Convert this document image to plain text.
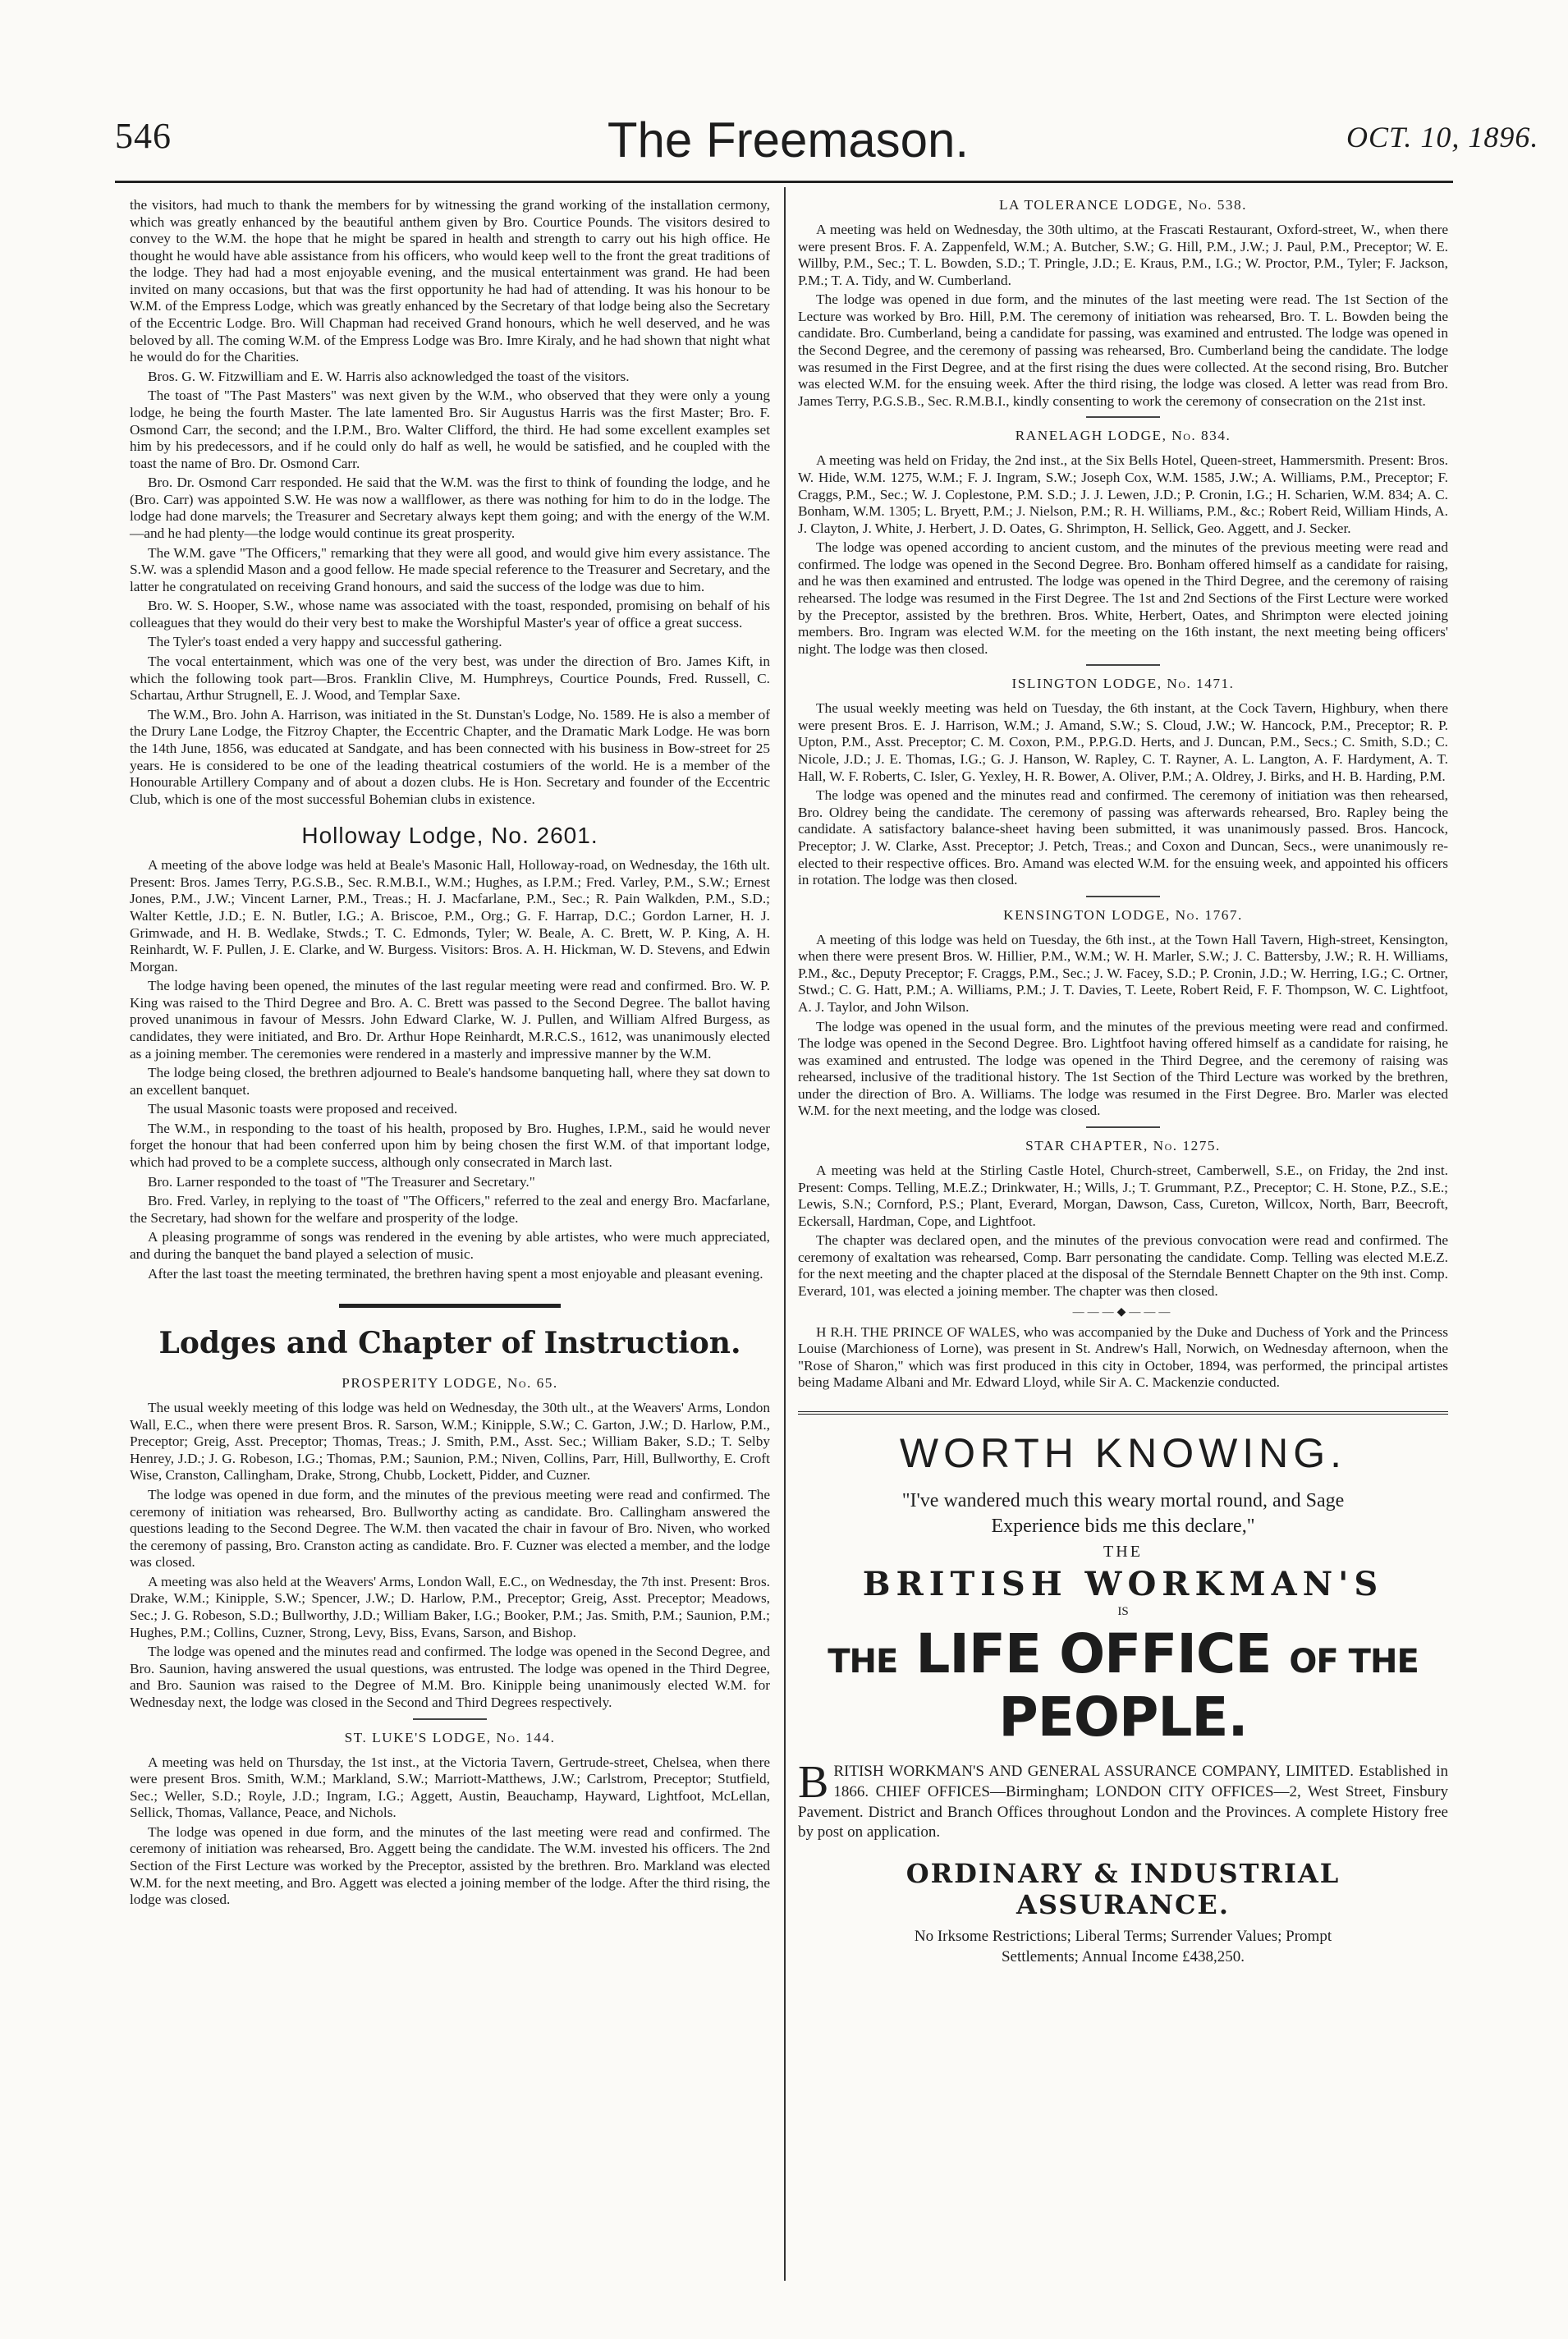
546	The Freemason.	OCT. 10, 1896.

the visitors, had much to thank the members for by witnessing the grand working of the installation cermony, which was greatly enhanced by the beautiful anthem given by Bro. Courtice Pounds. The visitors desired to convey to the W.M. the hope that he might be spared in health and strength to carry out his high office. He thought he would have able assistance from his officers, who would keep well to the front the great traditions of the lodge. They had had a most enjoyable evening, and the musical entertainment was grand. He had been invited on many occasions, but that was the first opportunity he had had of attending. It was his honour to be W.M. of the Empress Lodge, which was greatly enhanced by the Secretary of that lodge being also the Secretary of the Eccentric Lodge. Bro. Will Chapman had received Grand honours, which he well deserved, and he was beloved by all. The coming W.M. of the Empress Lodge was Bro. Imre Kiraly, and he had shown that night what he would do for the Charities.

Bros. G. W. Fitzwilliam and E. W. Harris also acknowledged the toast of the visitors.

The toast of "The Past Masters" was next given by the W.M., who observed that they were only a young lodge, he being the fourth Master. The late lamented Bro. Sir Augustus Harris was the first Master; Bro. F. Osmond Carr, the second; and the I.P.M., Bro. Walter Clifford, the third. He had some excellent examples set him by his predecessors, and if he could only do half as well, he would be satisfied, and he coupled with the toast the name of Bro. Dr. Osmond Carr.

Bro. Dr. Osmond Carr responded. He said that the W.M. was the first to think of founding the lodge, and he (Bro. Carr) was appointed S.W. He was now a wallflower, as there was nothing for him to do in the lodge. The lodge had done marvels; the Treasurer and Secretary always kept them going; and with the energy of the W.M.—and he had plenty—the lodge would continue its great prosperity.

The W.M. gave "The Officers," remarking that they were all good, and would give him every assistance. The S.W. was a splendid Mason and a good fellow. He made special reference to the Treasurer and Secretary, and the latter he congratulated on receiving Grand honours, and said the success of the lodge was due to him.

Bro. W. S. Hooper, S.W., whose name was associated with the toast, responded, promising on behalf of his colleagues that they would do their very best to make the Worshipful Master's year of office a great success.

The Tyler's toast ended a very happy and successful gathering.

The vocal entertainment, which was one of the very best, was under the direction of Bro. James Kift, in which the following took part—Bros. Franklin Clive, M. Humphreys, Courtice Pounds, Fred. Russell, C. Schartau, Arthur Strugnell, E. J. Wood, and Templar Saxe.

The W.M., Bro. John A. Harrison, was initiated in the St. Dunstan's Lodge, No. 1589. He is also a member of the Drury Lane Lodge, the Fitzroy Chapter, the Eccentric Chapter, and the Dramatic Mark Lodge. He was born the 14th June, 1856, was educated at Sandgate, and has been connected with his business in Bow-street for 25 years. He is considered to be one of the leading theatrical costumiers of the world. He is a member of the Honourable Artillery Company and of about a dozen clubs. He is Hon. Secretary and founder of the Eccentric Club, which is one of the most successful Bohemian clubs in existence.

Holloway Lodge, No. 2601.

A meeting of the above lodge was held at Beale's Masonic Hall, Holloway-road, on Wednesday, the 16th ult. Present: Bros. James Terry, P.G.S.B., Sec. R.M.B.I., W.M.; Hughes, as I.P.M.; Fred. Varley, P.M., S.W.; Ernest Jones, P.M., J.W.; Vincent Larner, P.M., Treas.; H. J. Macfarlane, P.M., Sec.; R. Pain Walkden, P.M., S.D.; Walter Kettle, J.D.; E. N. Butler, I.G.; A. Briscoe, P.M., Org.; G. F. Harrap, D.C.; Gordon Larner, H. J. Grimwade, and H. B. Wedlake, Stwds.; T. C. Edmonds, Tyler; W. Beale, A. C. Brett, W. P. King, A. H. Reinhardt, W. F. Pullen, J. E. Clarke, and W. Burgess. Visitors: Bros. A. H. Hickman, W. D. Stevens, and Edwin Morgan.

The lodge having been opened, the minutes of the last regular meeting were read and confirmed. Bro. W. P. King was raised to the Third Degree and Bro. A. C. Brett was passed to the Second Degree. The ballot having proved unanimous in favour of Messrs. John Edward Clarke, W. J. Pullen, and William Alfred Burgess, as candidates, they were initiated, and Bro. Dr. Arthur Hope Reinhardt, M.R.C.S., 1612, was unanimously elected as a joining member. The ceremonies were rendered in a masterly and impressive manner by the W.M.

The lodge being closed, the brethren adjourned to Beale's handsome banqueting hall, where they sat down to an excellent banquet.

The usual Masonic toasts were proposed and received.

The W.M., in responding to the toast of his health, proposed by Bro. Hughes, I.P.M., said he would never forget the honour that had been conferred upon him by being chosen the first W.M. of that important lodge, which had proved to be a complete success, although only consecrated in March last.

Bro. Larner responded to the toast of "The Treasurer and Secretary."

Bro. Fred. Varley, in replying to the toast of "The Officers," referred to the zeal and energy Bro. Macfarlane, the Secretary, had shown for the welfare and prosperity of the lodge.

A pleasing programme of songs was rendered in the evening by able artistes, who were much appreciated, and during the banquet the band played a selection of music.

After the last toast the meeting terminated, the brethren having spent a most enjoyable and pleasant evening.

Lodges and Chapter of Instruction.
PROSPERITY LODGE, No. 65.

The usual weekly meeting of this lodge was held on Wednesday, the 30th ult., at the Weavers' Arms, London Wall, E.C., when there were present Bros. R. Sarson, W.M.; Kinipple, S.W.; C. Garton, J.W.; D. Harlow, P.M., Preceptor; Greig, Asst. Preceptor; Thomas, Treas.; J. Smith, P.M., Asst. Sec.; William Baker, S.D.; T. Selby Henrey, J.D.; J. G. Robeson, I.G.; Thomas, P.M.; Saunion, P.M.; Niven, Collins, Parr, Hill, Bullworthy, E. Croft Wise, Cranston, Callingham, Drake, Strong, Chubb, Lockett, Pidder, and Cuzner.

The lodge was opened in due form, and the minutes of the previous meeting were read and confirmed. The ceremony of initiation was rehearsed, Bro. Bullworthy acting as candidate. Bro. Callingham answered the questions leading to the Second Degree. The W.M. then vacated the chair in favour of Bro. Niven, who worked the ceremony of passing, Bro. Cranston acting as candidate. Bro. F. Cuzner was elected a member, and the lodge was closed.

A meeting was also held at the Weavers' Arms, London Wall, E.C., on Wednesday, the 7th inst. Present: Bros. Drake, W.M.; Kinipple, S.W.; Spencer, J.W.; D. Harlow, P.M., Preceptor; Greig, Asst. Preceptor; Meadows, Sec.; J. G. Robeson, S.D.; Bullworthy, J.D.; William Baker, I.G.; Booker, P.M.; Jas. Smith, P.M.; Saunion, P.M.; Hughes, P.M.; Collins, Cuzner, Strong, Levy, Biss, Evans, Sarson, and Bishop.

The lodge was opened and the minutes read and confirmed. The lodge was opened in the Second Degree, and Bro. Saunion, having answered the usual questions, was entrusted. The lodge was opened in the Third Degree, and Bro. Saunion was raised to the Degree of M.M. Bro. Kinipple being unanimously elected W.M. for Wednesday next, the lodge was closed in the Second and Third Degrees respectively.

ST. LUKE'S LODGE, No. 144.

A meeting was held on Thursday, the 1st inst., at the Victoria Tavern, Gertrude-street, Chelsea, when there were present Bros. Smith, W.M.; Markland, S.W.; Marriott-Matthews, J.W.; Carlstrom, Preceptor; Stutfield, Sec.; Weller, S.D.; Royle, J.D.; Ingram, I.G.; Aggett, Austin, Beauchamp, Hayward, Lightfoot, McLellan, Sellick, Thomas, Vallance, Peace, and Nichols.

The lodge was opened in due form, and the minutes of the last meeting were read and confirmed. The ceremony of initiation was rehearsed, Bro. Aggett being the candidate. The W.M. invested his officers. The 2nd Section of the First Lecture was worked by the Preceptor, assisted by the brethren. Bro. Markland was elected W.M. for the next meeting, and Bro. Aggett was elected a joining member of the lodge. After the third rising, the lodge was closed.

LA TOLERANCE LODGE, No. 538.

A meeting was held on Wednesday, the 30th ultimo, at the Frascati Restaurant, Oxford-street, W., when there were present Bros. F. A. Zappenfeld, W.M.; A. Butcher, S.W.; G. Hill, P.M., J.W.; J. Paul, P.M., Preceptor; W. E. Willby, P.M., Sec.; T. L. Bowden, S.D.; T. Pringle, J.D.; E. Kraus, P.M., I.G.; W. Proctor, P.M., Tyler; F. Jackson, P.M.; T. A. Tidy, and W. Cumberland.

The lodge was opened in due form, and the minutes of the last meeting were read. The 1st Section of the Lecture was worked by Bro. Hill, P.M. The ceremony of initiation was rehearsed, Bro. T. L. Bowden being the candidate. Bro. Cumberland, being a candidate for passing, was examined and entrusted. The lodge was opened in the Second Degree, and the ceremony of passing was rehearsed, Bro. Cumberland being the candidate. The lodge was resumed in the First Degree, and at the first rising the dues were collected. At the second rising, Bro. Butcher was elected W.M. for the ensuing week. After the third rising, the lodge was closed. A letter was read from Bro. James Terry, P.G.S.B., Sec. R.M.B.I., kindly consenting to work the ceremony of consecration on the 21st inst.

RANELAGH LODGE, No. 834.

A meeting was held on Friday, the 2nd inst., at the Six Bells Hotel, Queen-street, Hammersmith. Present: Bros. W. Hide, W.M. 1275, W.M.; F. J. Ingram, S.W.; Joseph Cox, W.M. 1585, J.W.; A. Williams, P.M., Preceptor; F. Craggs, P.M., Sec.; W. J. Coplestone, P.M. S.D.; J. J. Lewen, J.D.; P. Cronin, I.G.; H. Scharien, W.M. 834; A. C. Bonham, W.M. 1305; L. Bryett, P.M.; J. Nielson, P.M.; R. H. Williams, P.M., &c.; Robert Reid, William Hinds, A. J. Clayton, J. White, J. Herbert, J. D. Oates, G. Shrimpton, H. Sellick, Geo. Aggett, and J. Secker.

The lodge was opened according to ancient custom, and the minutes of the previous meeting were read and confirmed. The lodge was opened in the Second Degree. Bro. Bonham offered himself as a candidate for raising, and he was then examined and entrusted. The lodge was opened in the Third Degree, and the ceremony of raising rehearsed. The lodge was resumed in the First Degree. The 1st and 2nd Sections of the First Lecture were worked by the Preceptor, assisted by the brethren. Bros. White, Herbert, Oates, and Shrimpton were elected joining members. Bro. Ingram was elected W.M. for the meeting on the 16th instant, the next meeting being officers' night. The lodge was then closed.

ISLINGTON LODGE, No. 1471.

The usual weekly meeting was held on Tuesday, the 6th instant, at the Cock Tavern, Highbury, when there were present Bros. E. J. Harrison, W.M.; J. Amand, S.W.; S. Cloud, J.W.; W. Hancock, P.M., Preceptor; R. P. Upton, P.M., Asst. Preceptor; C. M. Coxon, P.M., P.P.G.D. Herts, and J. Duncan, P.M., Secs.; C. Smith, S.D.; C. Nicole, J.D.; J. E. Thomas, I.G.; G. J. Hanson, W. Rapley, C. T. Rayner, A. L. Langton, A. F. Hardyment, A. T. Hall, W. F. Roberts, C. Isler, G. Yexley, H. R. Bower, A. Oliver, P.M.; A. Oldrey, J. Birks, and H. B. Harding, P.M.

The lodge was opened and the minutes read and confirmed. The ceremony of initiation was then rehearsed, Bro. Oldrey being the candidate. The ceremony of passing was afterwards rehearsed, Bro. Rapley being the candidate. A satisfactory balance-sheet having been submitted, it was unanimously passed. Bros. Hancock, Preceptor; J. W. Clarke, Asst. Preceptor; J. Petch, Treas.; and Coxon and Duncan, Secs., were unanimously re-elected to their respective offices. Bro. Amand was elected W.M. for the ensuing week, and appointed his officers in rotation. The lodge was then closed.

KENSINGTON LODGE, No. 1767.

A meeting of this lodge was held on Tuesday, the 6th inst., at the Town Hall Tavern, High-street, Kensington, when there were present Bros. W. Hillier, P.M., W.M.; W. H. Marler, S.W.; J. C. Battersby, J.W.; R. H. Williams, P.M., &c., Deputy Preceptor; F. Craggs, P.M., Sec.; J. W. Facey, S.D.; P. Cronin, J.D.; W. Herring, I.G.; C. Ortner, Stwd.; C. G. Hatt, P.M.; A. Williams, P.M.; J. T. Davies, T. Leete, Robert Reid, F. F. Thompson, W. C. Lightfoot, A. J. Taylor, and John Wilson.

The lodge was opened in the usual form, and the minutes of the previous meeting were read and confirmed. The lodge was opened in the Second Degree. Bro. Lightfoot having offered himself as a candidate for raising, he was examined and entrusted. The lodge was opened in the Third Degree, and the ceremony of raising was rehearsed, inclusive of the traditional history. The 1st Section of the Third Lecture was worked by the brethren, under the direction of Bro. A. Williams. The lodge was resumed in the First Degree. Bro. Marler was elected W.M. for the next meeting, and the lodge was closed.

STAR CHAPTER, No. 1275.

A meeting was held at the Stirling Castle Hotel, Church-street, Camberwell, S.E., on Friday, the 2nd inst. Present: Comps. Telling, M.E.Z.; Drinkwater, H.; Wills, J.; T. Grummant, P.Z., Preceptor; C. H. Stone, P.Z., S.E.; Lewis, S.N.; Cornford, P.S.; Plant, Everard, Morgan, Dawson, Cass, Cureton, Willcox, North, Barr, Beecroft, Eckersall, Hardman, Cope, and Lightfoot.

The chapter was declared open, and the minutes of the previous convocation were read and confirmed. The ceremony of exaltation was rehearsed, Comp. Barr personating the candidate. Comp. Telling was elected M.E.Z. for the next meeting and the chapter placed at the disposal of the Sterndale Bennett Chapter on the 9th inst. Comp. Everard, 101, was elected a joining member. The chapter was then closed.

———◆———

H R.H. THE PRINCE OF WALES, who was accompanied by the Duke and Duchess of York and the Princess Louise (Marchioness of Lorne), was present in St. Andrew's Hall, Norwich, on Wednesday afternoon, when the "Rose of Sharon," which was first produced in this city in October, 1894, was performed, the principal artistes being Madame Albani and Mr. Edward Lloyd, while Sir A. C. Mackenzie conducted.

WORTH KNOWING.
"I've wandered much this weary mortal round, and Sage
Experience bids me this declare,"
THE
BRITISH WORKMAN'S
IS
THE LIFE OFFICE OF THE PEOPLE.

BRITISH WORKMAN'S AND GENERAL ASSURANCE COMPANY, LIMITED. Established in 1866. CHIEF OFFICES—Birmingham; LONDON CITY OFFICES—2, West Street, Finsbury Pavement. District and Branch Offices throughout London and the Provinces. A complete History free by post on application.

ORDINARY & INDUSTRIAL ASSURANCE.
No Irksome Restrictions; Liberal Terms; Surrender Values; Prompt
Settlements; Annual Income £438,250.
